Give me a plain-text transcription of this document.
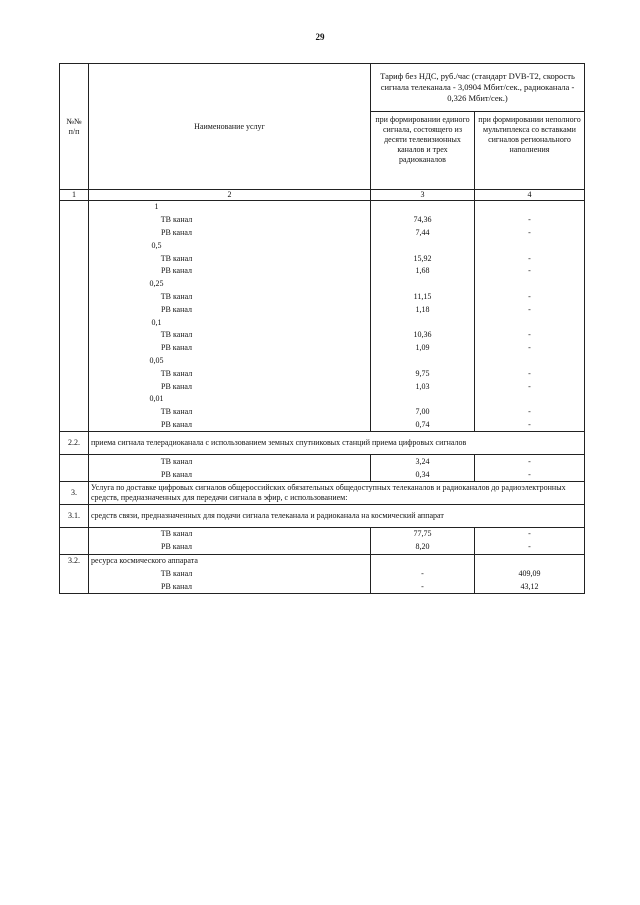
29
№№
п/п	Наименование услуг	Тариф без НДС, руб./час (стандарт DVB-T2, скорость сигнала телеканала - 3,0904 Мбит/сек., радиоканала - 0,326 Мбит/сек.)	
		при формировании единого сигнала, состоящего из десяти телевизионных каналов и трех радиоканалов	при формировании неполного мультиплекса со вставками сигналов регионального наполнения
1	2	3	4
	1		
	ТВ канал	74,36	-
	РВ канал	7,44	-
	0,5		
	ТВ канал	15,92	-
	РВ канал	1,68	-
	0,25		
	ТВ канал	11,15	-
	РВ канал	1,18	-
	0,1		
	ТВ канал	10,36	-
	РВ канал	1,09	-
	0,05		
	ТВ канал	9,75	-
	РВ канал	1,03	-
	0,01		
	ТВ канал	7,00	-
	РВ канал	0,74	-
2.2.	приема сигнала телерадиоканала с использованием земных спутниковых станций приема цифровых сигналов		
	ТВ канал	3,24	-
	РВ канал	0,34	-
3.	Услуга по доставке цифровых сигналов общероссийских обязательных общедоступных телеканалов и радиоканалов до радиоэлектронных средств, предназначенных для передачи сигнала в эфир, с использованием:		
3.1.	средств связи, предназначенных для подачи сигнала телеканала и радиоканала на космический аппарат		
	ТВ канал	77,75	-
	РВ канал	8,20	-
3.2.	ресурса космического аппарата		
	ТВ канал	-	409,09
	РВ канал	-	43,12
